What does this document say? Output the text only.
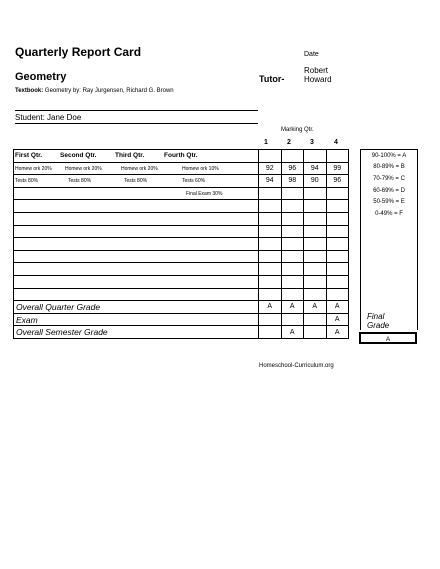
Quarterly Report Card
Geometry
Textbook: Geometry by: Ray Jurgensen, Richard G. Brown
Date
Tutor-
Robert Howard
Student: Jane Doe
Marking Qtr.
1	2	3	4
First Qtr. Second Qtr. Third Qtr. Fourth Qtr.				

Homew ork 20% Homew ork 20% Homew ork 20% Homew ork 10%	92	96	94	99

Tests 80% Tests 80% Tests 80% Tests 60%	94	98	90	96

Final Exam 30%				

Overall Quarter Grade	A	A	A	A
Exam				A
Overall Semester Grade		A		A
90-100% = A
80-89% = B
70-79% = C
60-69% = D
50-59% = E
0-49% = F

Final Grade
A
Homeschool-Curriculum.org
